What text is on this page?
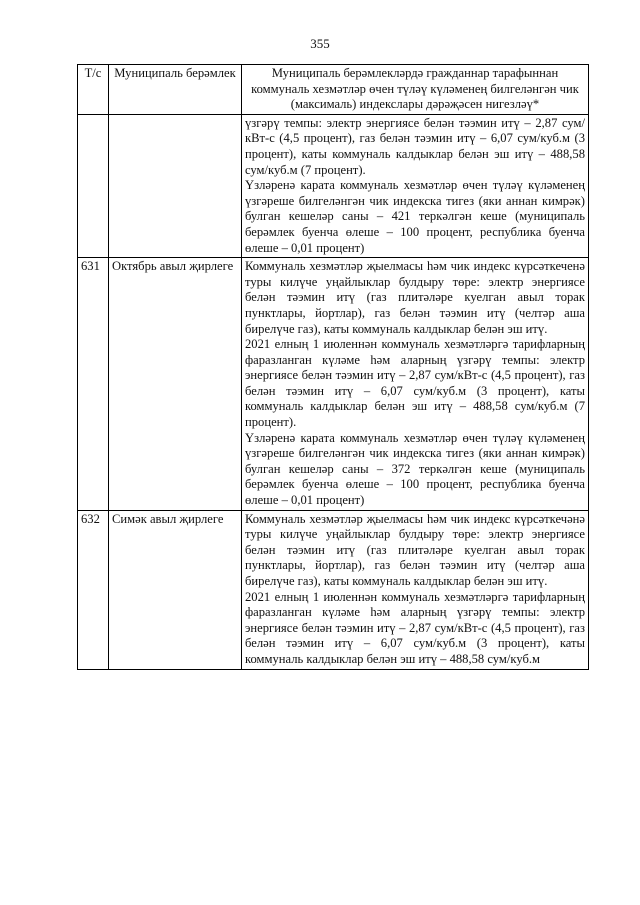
355
Т/с	Муниципаль берәмлек	Муниципаль берәмлекләрдә гражданнар тарафыннан коммуналь хезмәтләр өчен түләү күләменең билгеләнгән чик (максималь) индекслары дәрәҗәсен нигезләү*

		үзгәрү темпы: электр энергиясе белән тәэмин итү – 2,87 сум/кВт-с (4,5 процент), газ белән тәэмин итү – 6,07 сум/куб.м (3 процент), каты коммуналь калдыклар белән эш итү – 488,58 сум/куб.м (7 процент).

Үзләренә карата коммуналь хезмәтләр өчен түләү күләменең үзгәреше билгеләнгән чик индекска тигез (яки аннан кимрәк) булган кешеләр саны – 421 теркәлгән кеше (муниципаль берәмлек буенча өлеше – 100 процент, республика буенча өлеше – 0,01 процент)

631	Октябрь авыл җирлеге	Коммуналь хезмәтләр җыелмасы һәм чик индекс күрсәткеченә туры килүче уңайлыклар булдыру төре: электр энергиясе белән тәэмин итү (газ плитәләре куелган авыл торак пунктлары, йортлар), газ белән тәэмин итү (челтәр аша бирелүче газ), каты коммуналь калдыклар белән эш итү.

2021 елның 1 июленнән коммуналь хезмәтләргә тарифларның фаразланган күләме һәм аларның үзгәрү темпы: электр энергиясе белән тәэмин итү – 2,87 сум/кВт-с (4,5 процент), газ белән тәэмин итү – 6,07 сум/куб.м (3 процент), каты коммуналь калдыклар белән эш итү – 488,58 сум/куб.м (7 процент).

Үзләренә карата коммуналь хезмәтләр өчен түләү күләменең үзгәреше билгеләнгән чик индекска тигез (яки аннан кимрәк) булган кешеләр саны – 372 теркәлгән кеше (муниципаль берәмлек буенча өлеше – 100 процент, республика буенча өлеше – 0,01 процент)

632	Симәк авыл җирлеге	Коммуналь хезмәтләр җыелмасы һәм чик индекс күрсәткечәнә туры килүче уңайлыклар булдыру төре: электр энергиясе белән тәэмин итү (газ плитәләре куелган авыл торак пунктлары, йортлар), газ белән тәэмин итү (челтәр аша бирелүче газ), каты коммуналь калдыклар белән эш итү.

2021 елның 1 июленнән коммуналь хезмәтләргә тарифларның фаразланган күләме һәм аларның үзгәрү темпы: электр энергиясе белән тәэмин итү – 2,87 сум/кВт-с (4,5 процент), газ белән тәэмин итү – 6,07 сум/куб.м (3 процент), каты коммуналь калдыклар белән эш итү – 488,58 сум/куб.м
